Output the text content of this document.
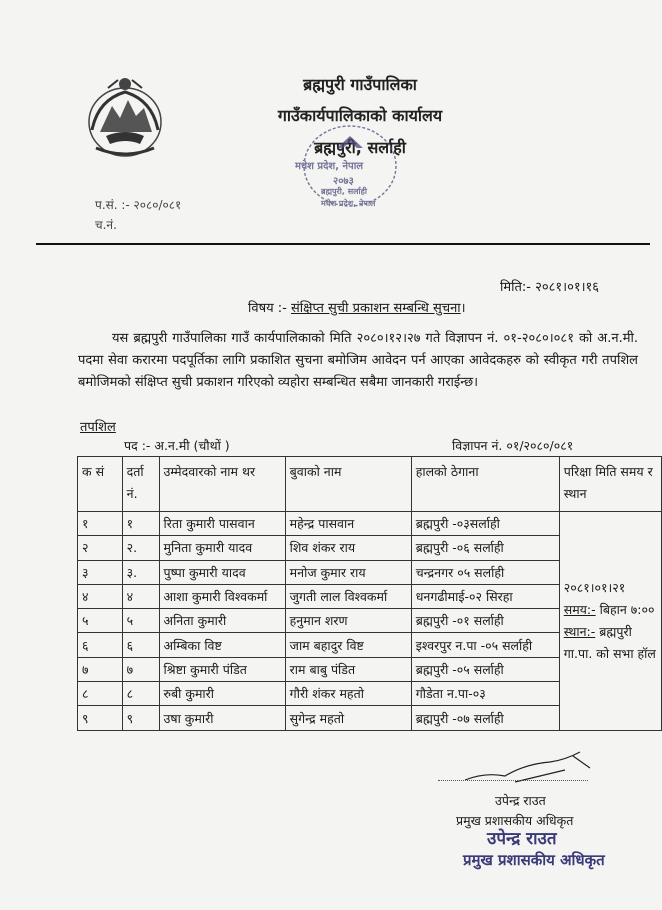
ब्रह्मपुरी गाउँपालिका
गाउँकार्यपालिकाको कार्यालय
ब्रह्मपुरी, सर्लाही
मधेश प्रदेश, नेपाल
२०७३
ब्रह्मपुरी, सर्लाही
मधेश प्रदेश, नेपाल
प.सं. :- २०८०/०८१
च.नं.
मिति:- २०८१।०१।१६
विषय :- संक्षिप्त सुची प्रकाशन सम्बन्धि सुचना।
यस ब्रह्मपुरी गाउँपालिका गाउँ कार्यपालिकाको मिति २०८०।१२।२७ गते विज्ञापन नं. ०१-२०८०।०८१ को अ.न.मी. पदमा सेवा करारमा पदपूर्तिका लागि प्रकाशित सुचना बमोजिम आवेदन पर्न आएका आवेदकहरु को स्वीकृत गरी तपशिल बमोजिमको संक्षिप्त सुची प्रकाशन गरिएको व्यहोरा सम्बन्धित सबैमा जानकारी गराईन्छ।
तपशिल
पद :- अ.न.मी (चौथों )	विज्ञापन नं. ०१/२०८०/०८१
क सं	दर्ता नं.	उम्मेदवारको नाम थर	बुवाको नाम	हालको ठेगाना	परिक्षा मिति समय र स्थान
१	१	रिता कुमारी पासवान	महेन्द्र पासवान	ब्रह्मपुरी -०३सर्लाही	२०८१।०१।२१
समय:- बिहान ७:००
स्थान:- ब्रह्मपुरी गा.पा. को सभा हॉल

२	२.	मुनिता कुमारी यादव	शिव शंकर राय	ब्रह्मपुरी -०६ सर्लाही	
३	३.	पुष्पा कुमारी यादव	मनोज कुमार राय	चन्द्रनगर ०५ सर्लाही	
४	४	आशा कुमारी विश्वकर्मा	जुगती लाल विश्वकर्मा	धनगढीमाई-०२ सिरहा	
५	५	अनिता कुमारी	हनुमान शरण	ब्रह्मपुरी -०१ सर्लाही	
६	६	अम्बिका विष्ट	जाम बहादुर विष्ट	इश्वरपुर न.पा -०५ सर्लाही	
७	७	श्रिष्टा कुमारी पंडित	राम बाबु पंडित	ब्रह्मपुरी -०५ सर्लाही	
८	८	रुबी कुमारी	गौरी शंकर महतो	गौडेता न.पा-०३	
९	९	उषा कुमारी	सुगेन्द्र महतो	ब्रह्मपुरी -०७ सर्लाही	
उपेन्द्र राउत
प्रमुख प्रशासकीय अधिकृत
उपेन्द्र राउत
प्रमुख प्रशासकीय अधिकृत
